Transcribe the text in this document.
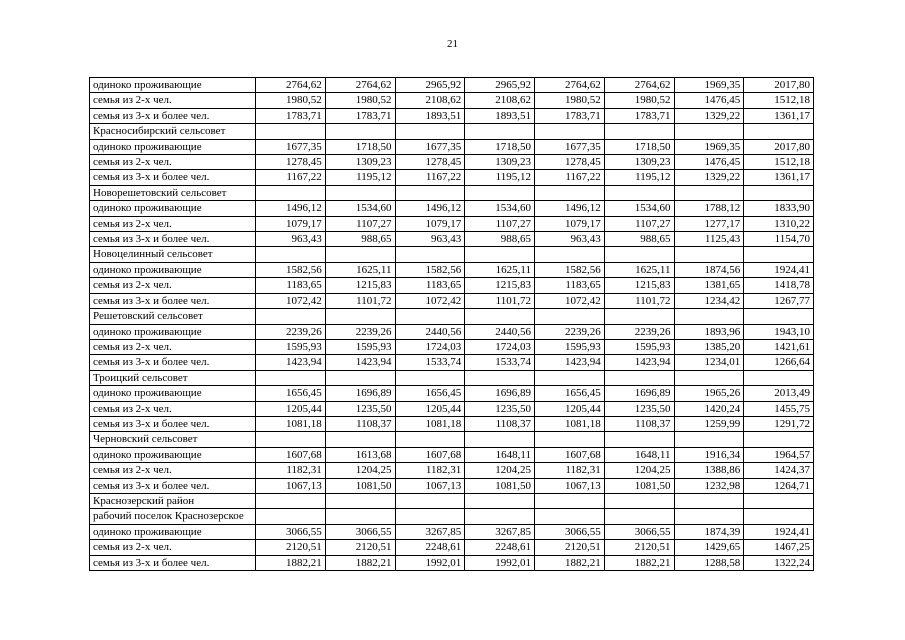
21
одиноко проживающие	2764,62	2764,62	2965,92	2965,92	2764,62	2764,62	1969,35	2017,80
семья из 2-х чел.	1980,52	1980,52	2108,62	2108,62	1980,52	1980,52	1476,45	1512,18
семья из 3-х и более чел.	1783,71	1783,71	1893,51	1893,51	1783,71	1783,71	1329,22	1361,17
Красносибирский сельсовет								
одиноко проживающие	1677,35	1718,50	1677,35	1718,50	1677,35	1718,50	1969,35	2017,80
семья из 2-х чел.	1278,45	1309,23	1278,45	1309,23	1278,45	1309,23	1476,45	1512,18
семья из 3-х и более чел.	1167,22	1195,12	1167,22	1195,12	1167,22	1195,12	1329,22	1361,17
Новорешетовский сельсовет								
одиноко проживающие	1496,12	1534,60	1496,12	1534,60	1496,12	1534,60	1788,12	1833,90
семья из 2-х чел.	1079,17	1107,27	1079,17	1107,27	1079,17	1107,27	1277,17	1310,22
семья из 3-х и более чел.	963,43	988,65	963,43	988,65	963,43	988,65	1125,43	1154,70
Новоцелинный сельсовет								
одиноко проживающие	1582,56	1625,11	1582,56	1625,11	1582,56	1625,11	1874,56	1924,41
семья из 2-х чел.	1183,65	1215,83	1183,65	1215,83	1183,65	1215,83	1381,65	1418,78
семья из 3-х и более чел.	1072,42	1101,72	1072,42	1101,72	1072,42	1101,72	1234,42	1267,77
Решетовский сельсовет								
одиноко проживающие	2239,26	2239,26	2440,56	2440,56	2239,26	2239,26	1893,96	1943,10
семья из 2-х чел.	1595,93	1595,93	1724,03	1724,03	1595,93	1595,93	1385,20	1421,61
семья из 3-х и более чел.	1423,94	1423,94	1533,74	1533,74	1423,94	1423,94	1234,01	1266,64
Троицкий сельсовет								
одиноко проживающие	1656,45	1696,89	1656,45	1696,89	1656,45	1696,89	1965,26	2013,49
семья из 2-х чел.	1205,44	1235,50	1205,44	1235,50	1205,44	1235,50	1420,24	1455,75
семья из 3-х и более чел.	1081,18	1108,37	1081,18	1108,37	1081,18	1108,37	1259,99	1291,72
Черновский сельсовет								
одиноко проживающие	1607,68	1613,68	1607,68	1648,11	1607,68	1648,11	1916,34	1964,57
семья из 2-х чел.	1182,31	1204,25	1182,31	1204,25	1182,31	1204,25	1388,86	1424,37
семья из 3-х и более чел.	1067,13	1081,50	1067,13	1081,50	1067,13	1081,50	1232,98	1264,71
Краснозерский район								
рабочий поселок Краснозерское								
одиноко проживающие	3066,55	3066,55	3267,85	3267,85	3066,55	3066,55	1874,39	1924,41
семья из 2-х чел.	2120,51	2120,51	2248,61	2248,61	2120,51	2120,51	1429,65	1467,25
семья из 3-х и более чел.	1882,21	1882,21	1992,01	1992,01	1882,21	1882,21	1288,58	1322,24
